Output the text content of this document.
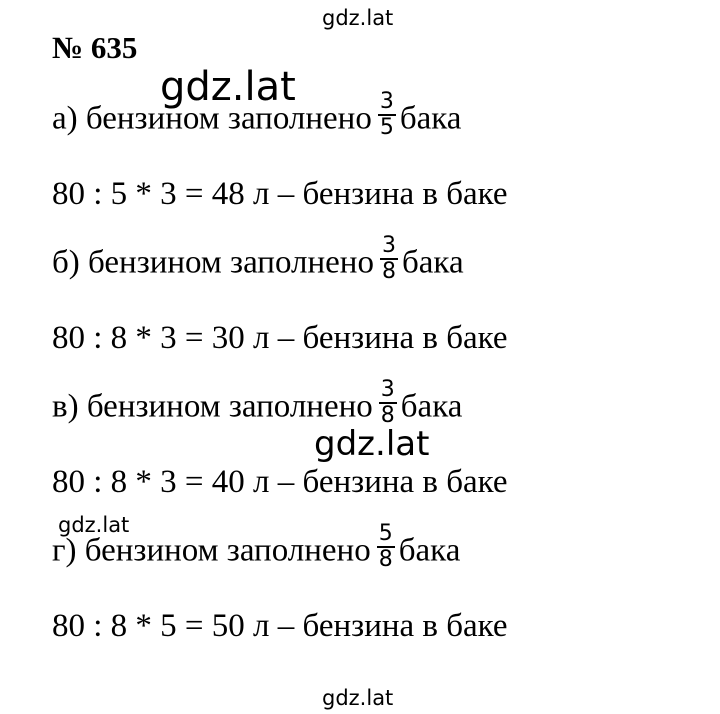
gdz.lat
gdz.lat
gdz.lat
gdz.lat
gdz.lat
№ 635
а) бензином заполнено $\frac{3}{5}$ бака
80 : 5 * 3 = 48 л – бензина в баке
б) бензином заполнено $\frac{3}{8}$ бака
80 : 8 * 3 = 30 л – бензина в баке
в) бензином заполнено $\frac{3}{8}$ бака
80 : 8 * 3 = 40 л – бензина в баке
г) бензином заполнено $\frac{5}{8}$ бака
80 : 8 * 5 = 50 л – бензина в баке
